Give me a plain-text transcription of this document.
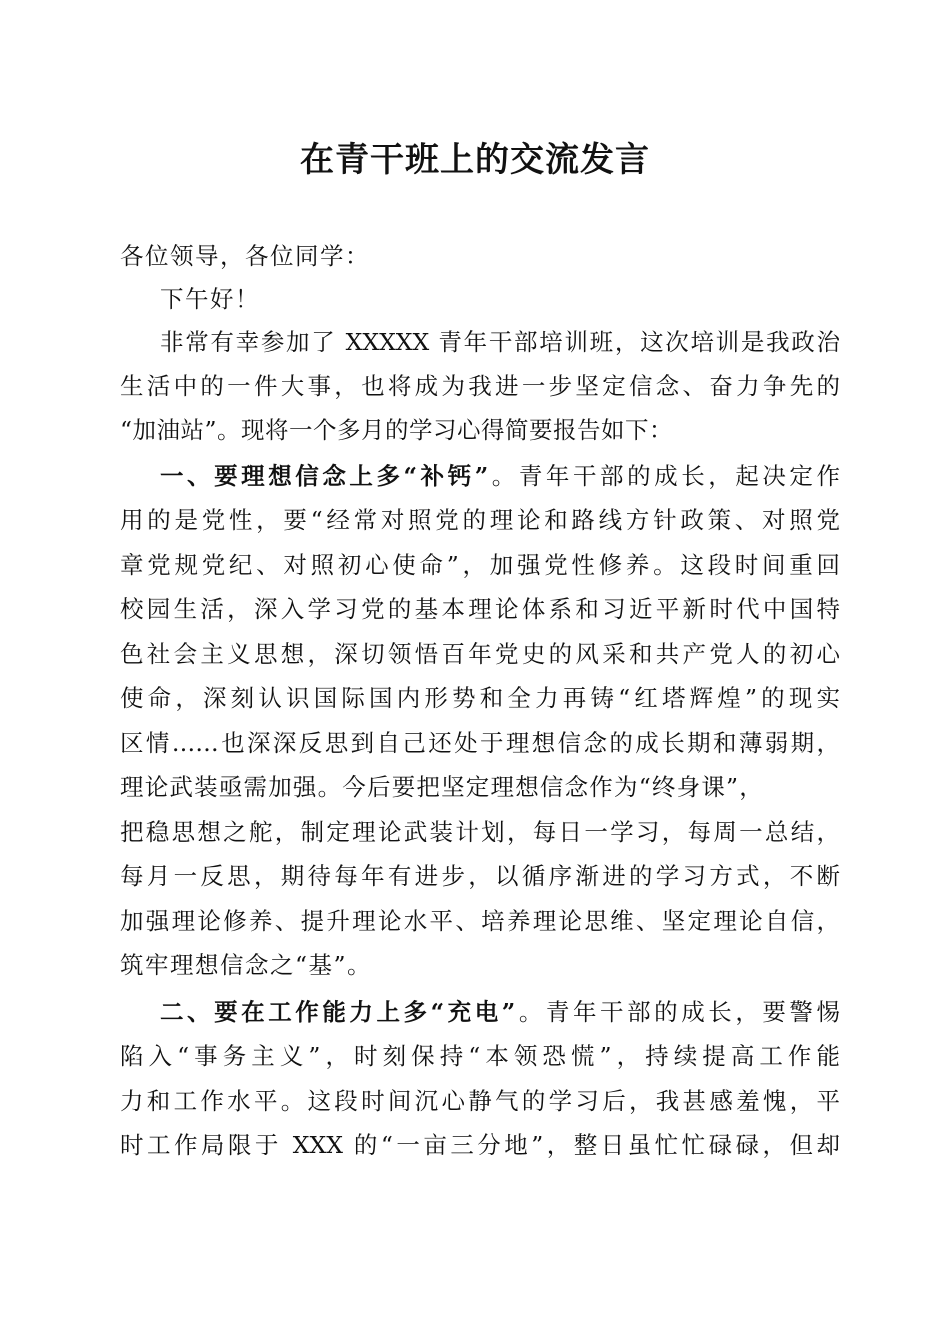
在青干班上的交流发言
各位领导，各位同学：
下午好！
非常有幸参加了 XXXXX 青年干部培训班，这次培训是我政治
生活中的一件大事，也将成为我进一步坚定信念、奋力争先的
“加油站”。现将一个多月的学习心得简要报告如下：
一、要理想信念上多“补钙”。青年干部的成长，起决定作
用的是党性，要“经常对照党的理论和路线方针政策、对照党
章党规党纪、对照初心使命”，加强党性修养。这段时间重回
校园生活，深入学习党的基本理论体系和习近平新时代中国特
色社会主义思想，深切领悟百年党史的风采和共产党人的初心
使命，深刻认识国际国内形势和全力再铸“红塔辉煌”的现实
区情……也深深反思到自己还处于理想信念的成长期和薄弱期，
理论武装亟需加强。今后要把坚定理想信念作为“终身课”，
把稳思想之舵，制定理论武装计划，每日一学习，每周一总结，
每月一反思，期待每年有进步，以循序渐进的学习方式，不断
加强理论修养、提升理论水平、培养理论思维、坚定理论自信，
筑牢理想信念之“基”。
二、要在工作能力上多“充电”。青年干部的成长，要警惕
陷入“事务主义”，时刻保持“本领恐慌”，持续提高工作能
力和工作水平。这段时间沉心静气的学习后，我甚感羞愧，平
时工作局限于 XXX 的“一亩三分地”，整日虽忙忙碌碌，但却
